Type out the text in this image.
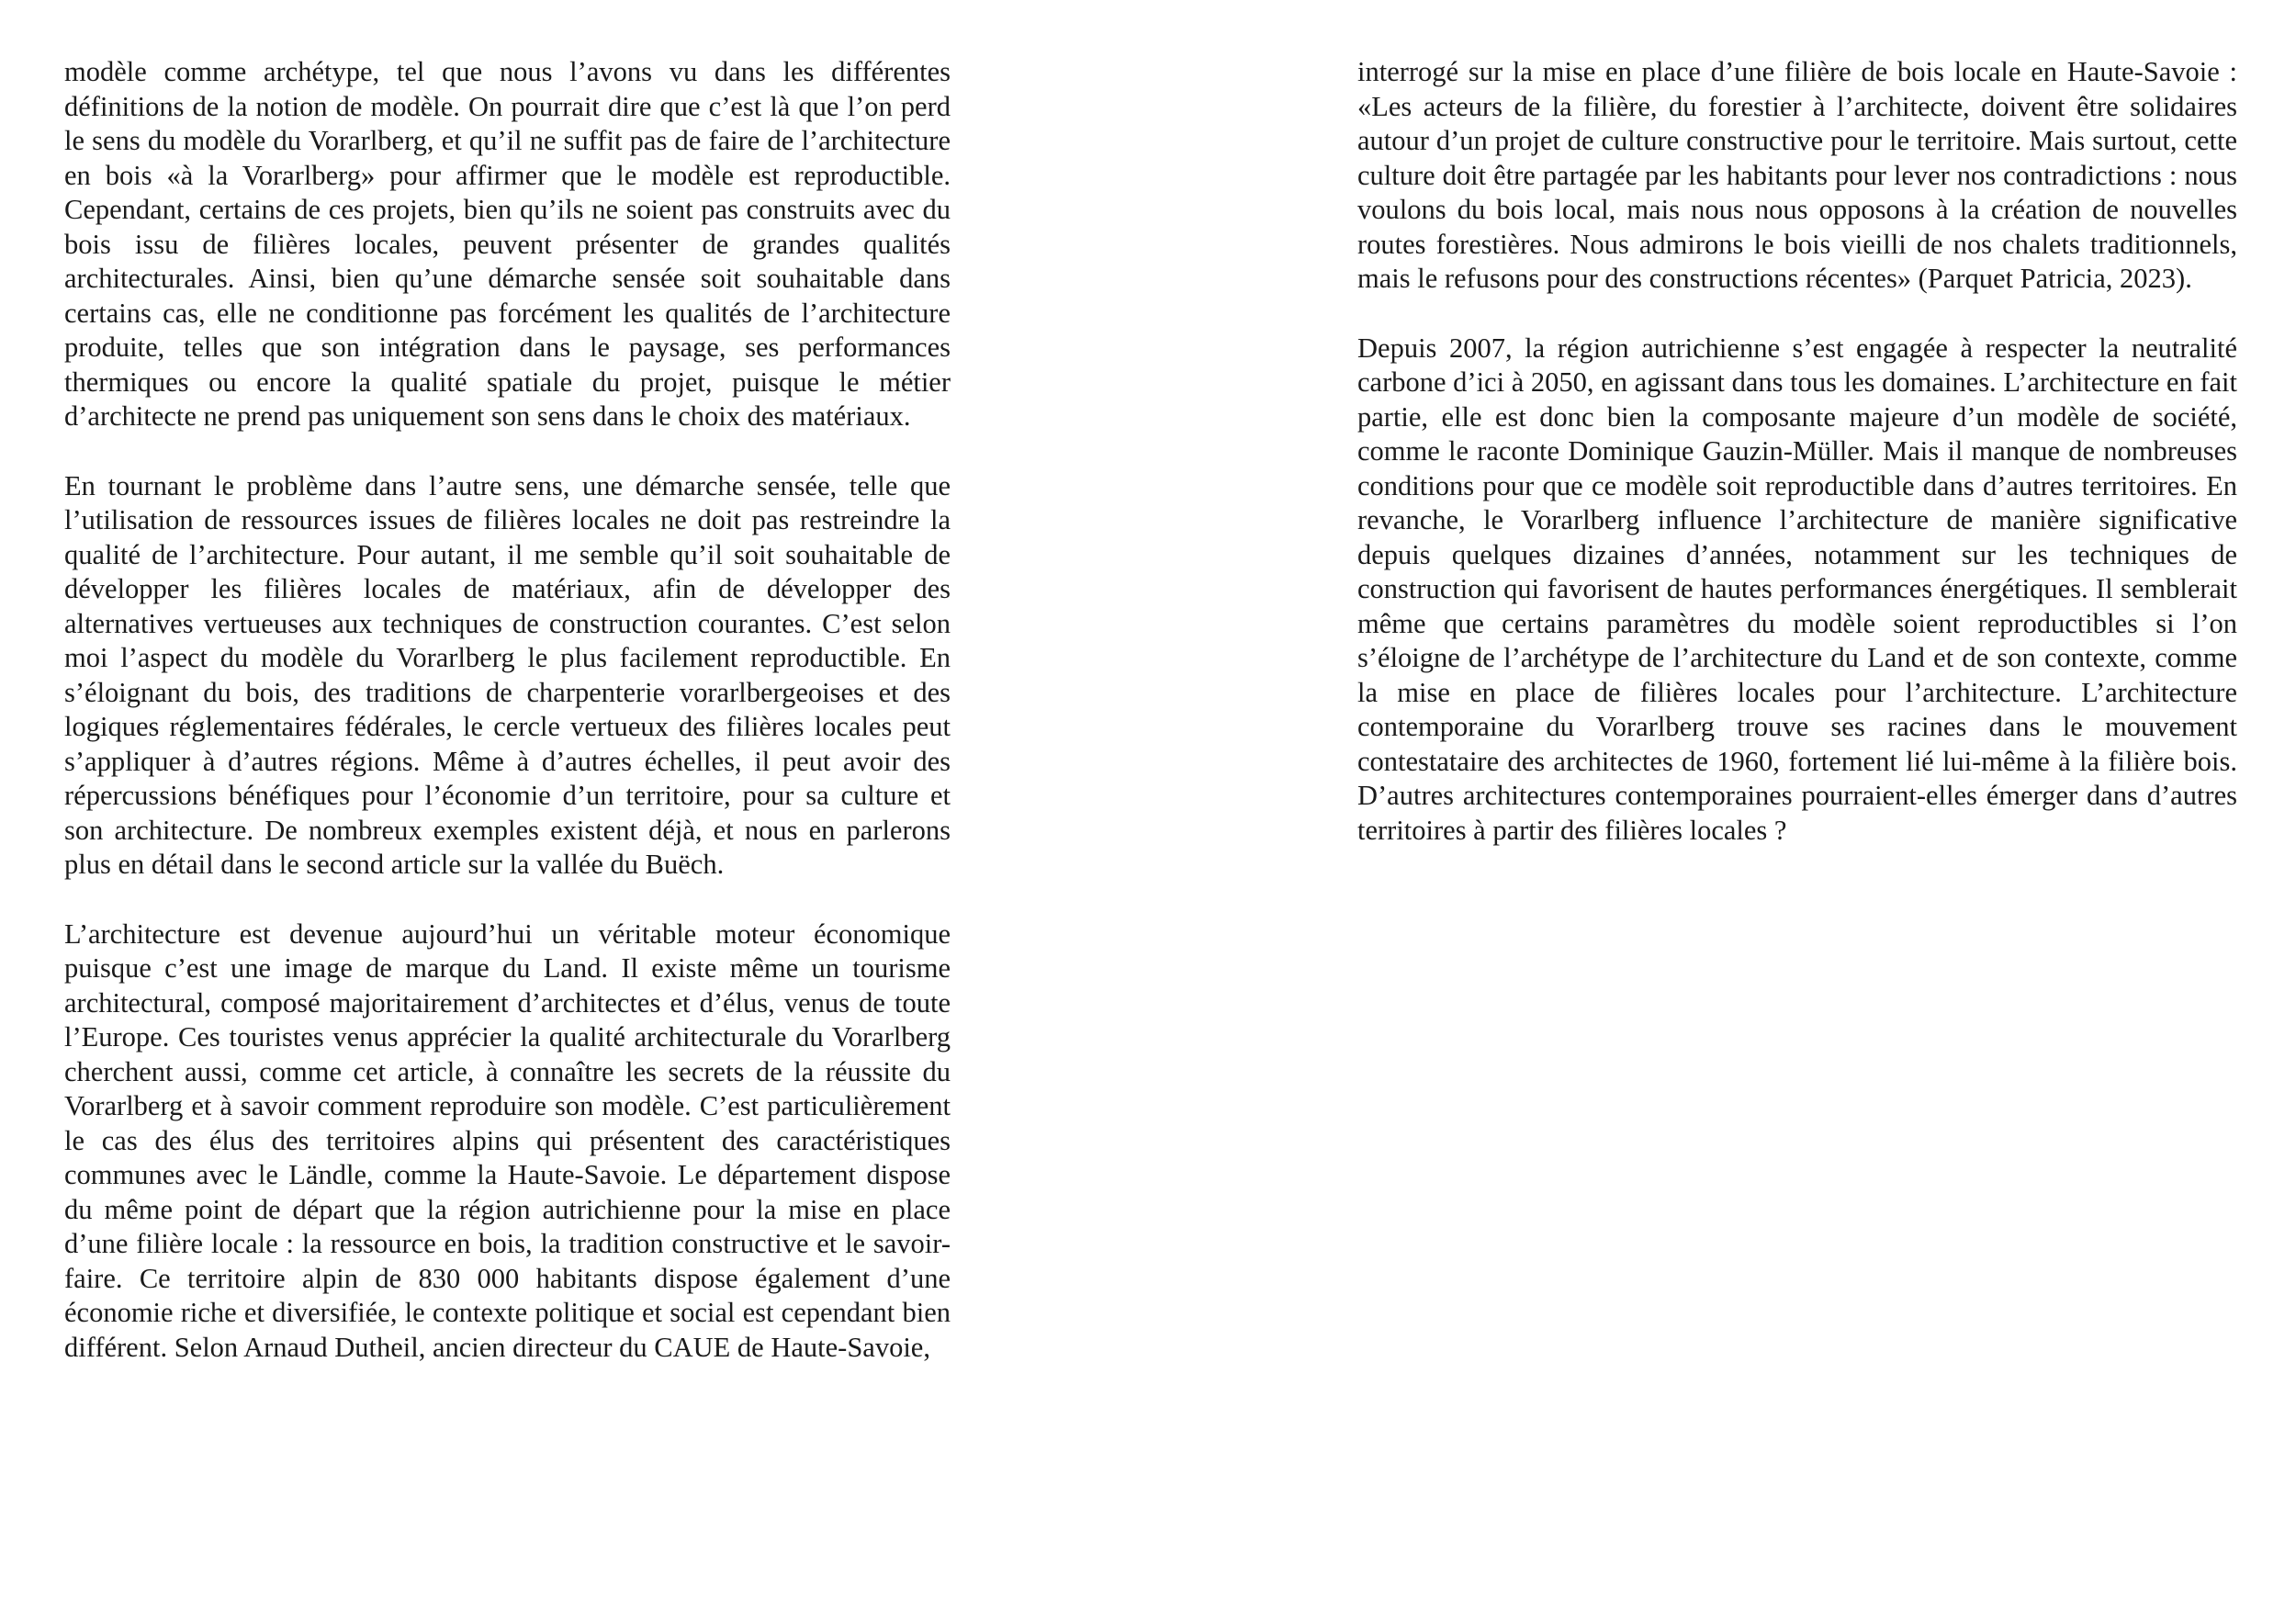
modèle comme archétype, tel que nous l’avons vu dans les différentes définitions de la notion de modèle. On pourrait dire que c’est là que l’on perd le sens du modèle du Vorarlberg, et qu’il ne suffit pas de faire de l’architecture en bois «à la Vorarlberg» pour affirmer que le modèle est reproductible. Cependant, certains de ces projets, bien qu’ils ne soient pas construits avec du bois issu de filières locales, peuvent présenter de grandes qualités architecturales. Ainsi, bien qu’une démarche sensée soit souhaitable dans certains cas, elle ne conditionne pas forcément les qualités de l’architecture produite, telles que son intégration dans le paysage, ses performances thermiques ou encore la qualité spatiale du projet, puisque le métier d’architecte ne prend pas uniquement son sens dans le choix des matériaux.

En tournant le problème dans l’autre sens, une démarche sensée, telle que l’utilisation de ressources issues de filières locales ne doit pas restreindre la qualité de l’architecture. Pour autant, il me semble qu’il soit souhaitable de développer les filières locales de matériaux, afin de développer des alternatives vertueuses aux techniques de construction courantes. C’est selon moi l’aspect du modèle du Vorarlberg le plus facilement reproductible. En s’éloignant du bois, des traditions de charpenterie vorarlbergeoises et des logiques réglementaires fédérales, le cercle vertueux des filières locales peut s’appliquer à d’autres régions. Même à d’autres échelles, il peut avoir des répercussions bénéfiques pour l’économie d’un territoire, pour sa culture et son architecture. De nombreux exemples existent déjà, et nous en parlerons plus en détail dans le second article sur la vallée du Buëch.

L’architecture est devenue aujourd’hui un véritable moteur économique puisque c’est une image de marque du Land. Il existe même un tourisme architectural, composé majoritairement d’architectes et d’élus, venus de toute l’Europe. Ces touristes venus apprécier la qualité architecturale du Vorarlberg cherchent aussi, comme cet article, à connaître les secrets de la réussite du Vorarlberg et à savoir comment reproduire son modèle. C’est particulièrement le cas des élus des territoires alpins qui présentent des caractéristiques communes avec le Ländle, comme la Haute-Savoie. Le département dispose du même point de départ que la région autrichienne pour la mise en place d’une filière locale : la ressource en bois, la tradition constructive et le savoir-faire. Ce territoire alpin de 830 000 habitants dispose également d’une économie riche et diversifiée, le contexte politique et social est cependant bien différent. Selon Arnaud Dutheil, ancien directeur du CAUE de Haute-Savoie,

interrogé sur la mise en place d’une filière de bois locale en Haute-Savoie : «Les acteurs de la filière, du forestier à l’architecte, doivent être solidaires autour d’un projet de culture constructive pour le territoire. Mais surtout, cette culture doit être partagée par les habitants pour lever nos contradictions : nous voulons du bois local, mais nous nous opposons à la création de nouvelles routes forestières. Nous admirons le bois vieilli de nos chalets traditionnels, mais le refusons pour des constructions récentes» (Parquet Patricia, 2023).

Depuis 2007, la région autrichienne s’est engagée à respecter la neutralité carbone d’ici à 2050, en agissant dans tous les domaines. L’architecture en fait partie, elle est donc bien la composante majeure d’un modèle de société, comme le raconte Dominique Gauzin-Müller. Mais il manque de nombreuses conditions pour que ce modèle soit reproductible dans d’autres territoires. En revanche, le Vorarlberg influence l’architecture de manière significative depuis quelques dizaines d’années, notamment sur les techniques de construction qui favorisent de hautes performances énergétiques. Il semblerait même que certains paramètres du modèle soient reproductibles si l’on s’éloigne de l’archétype de l’architecture du Land et de son contexte, comme la mise en place de filières locales pour l’architecture. L’architecture contemporaine du Vorarlberg trouve ses racines dans le mouvement contestataire des architectes de 1960, fortement lié lui-même à la filière bois. D’autres architectures contemporaines pourraient-elles émerger dans d’autres territoires à partir des filières locales ?
